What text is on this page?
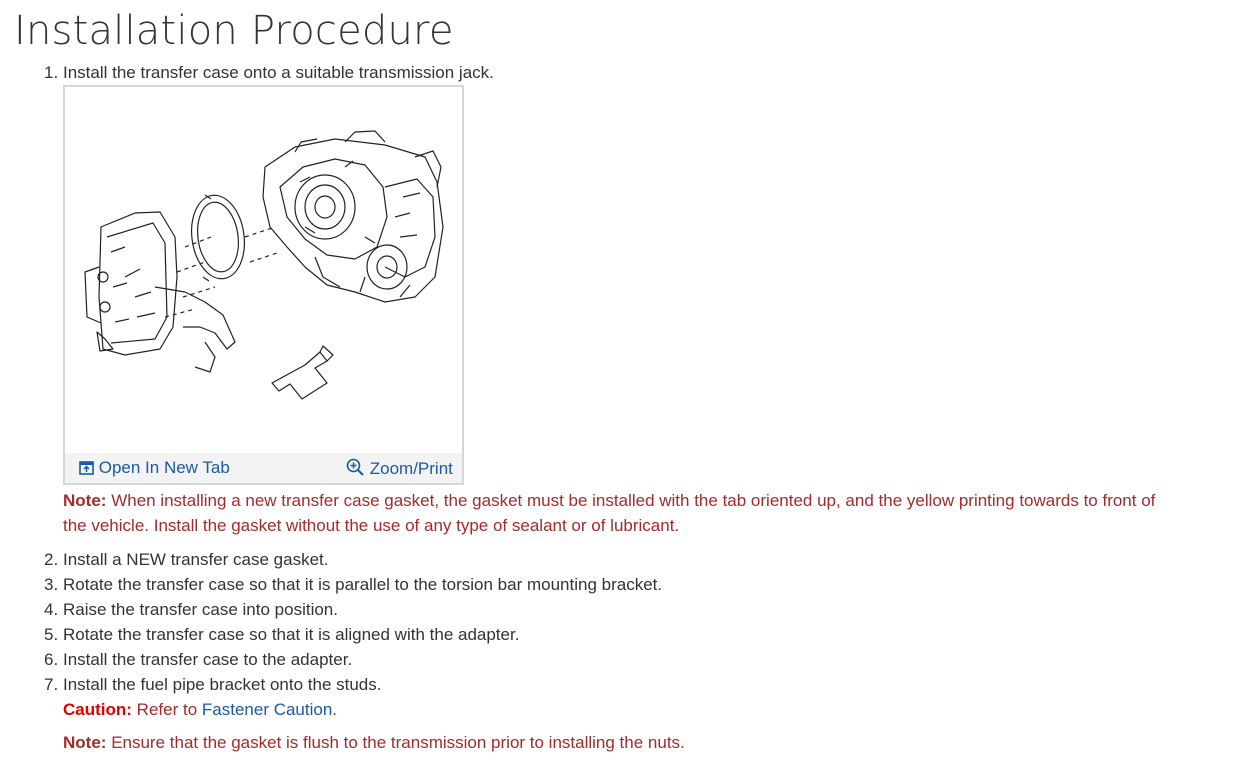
Installation Procedure
1. Install the transfer case onto a suitable transmission jack.
Open In New Tab	Zoom/Print
Note: When installing a new transfer case gasket, the gasket must be installed with the tab oriented up, and the yellow printing towards to front of
the vehicle. Install the gasket without the use of any type of sealant or of lubricant.
2. Install a NEW transfer case gasket.
3. Rotate the transfer case so that it is parallel to the torsion bar mounting bracket.
4. Raise the transfer case into position.
5. Rotate the transfer case so that it is aligned with the adapter.
6. Install the transfer case to the adapter.
7. Install the fuel pipe bracket onto the studs.
Caution: Refer to Fastener Caution.
Note: Ensure that the gasket is flush to the transmission prior to installing the nuts.
